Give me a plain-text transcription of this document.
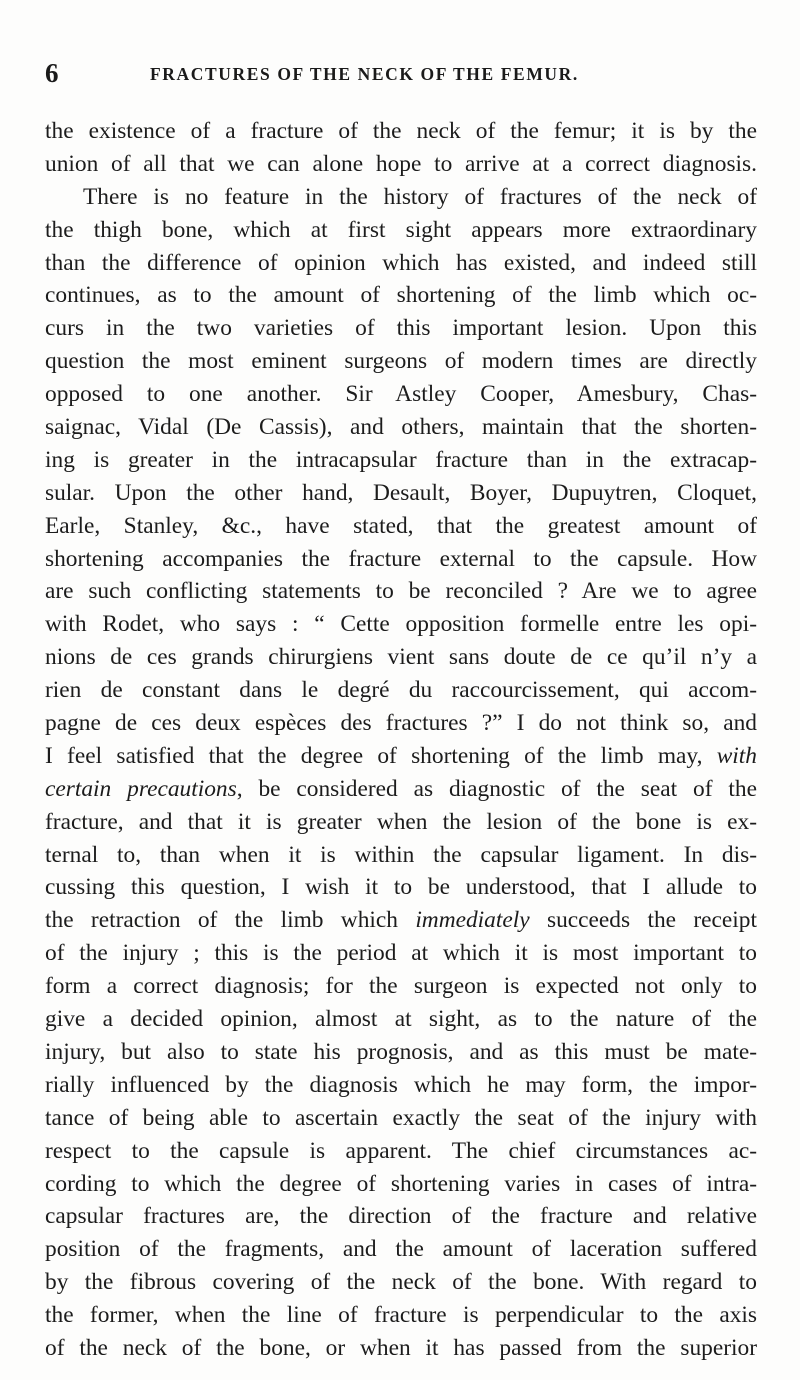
6	FRACTURES OF THE NECK OF THE FEMUR.
the existence of a fracture of the neck of the femur; it is by the
union of all that we can alone hope to arrive at a correct diagnosis.
There is no feature in the history of fractures of the neck of
the thigh bone, which at first sight appears more extraordinary
than the difference of opinion which has existed, and indeed still
continues, as to the amount of shortening of the limb which oc-
curs in the two varieties of this important lesion. Upon this
question the most eminent surgeons of modern times are directly
opposed to one another. Sir Astley Cooper, Amesbury, Chas-
saignac, Vidal (De Cassis), and others, maintain that the shorten-
ing is greater in the intracapsular fracture than in the extracap-
sular. Upon the other hand, Desault, Boyer, Dupuytren, Cloquet,
Earle, Stanley, &c., have stated, that the greatest amount of
shortening accompanies the fracture external to the capsule. How
are such conflicting statements to be reconciled ? Are we to agree
with Rodet, who says : “ Cette opposition formelle entre les opi-
nions de ces grands chirurgiens vient sans doute de ce qu’il n’y a
rien de constant dans le degré du raccourcissement, qui accom-
pagne de ces deux espèces des fractures ?” I do not think so, and
I feel satisfied that the degree of shortening of the limb may, with
certain precautions, be considered as diagnostic of the seat of the
fracture, and that it is greater when the lesion of the bone is ex-
ternal to, than when it is within the capsular ligament. In dis-
cussing this question, I wish it to be understood, that I allude to
the retraction of the limb which immediately succeeds the receipt
of the injury ; this is the period at which it is most important to
form a correct diagnosis; for the surgeon is expected not only to
give a decided opinion, almost at sight, as to the nature of the
injury, but also to state his prognosis, and as this must be mate-
rially influenced by the diagnosis which he may form, the impor-
tance of being able to ascertain exactly the seat of the injury with
respect to the capsule is apparent. The chief circumstances ac-
cording to which the degree of shortening varies in cases of intra-
capsular fractures are, the direction of the fracture and relative
position of the fragments, and the amount of laceration suffered
by the fibrous covering of the neck of the bone. With regard to
the former, when the line of fracture is perpendicular to the axis
of the neck of the bone, or when it has passed from the superior
